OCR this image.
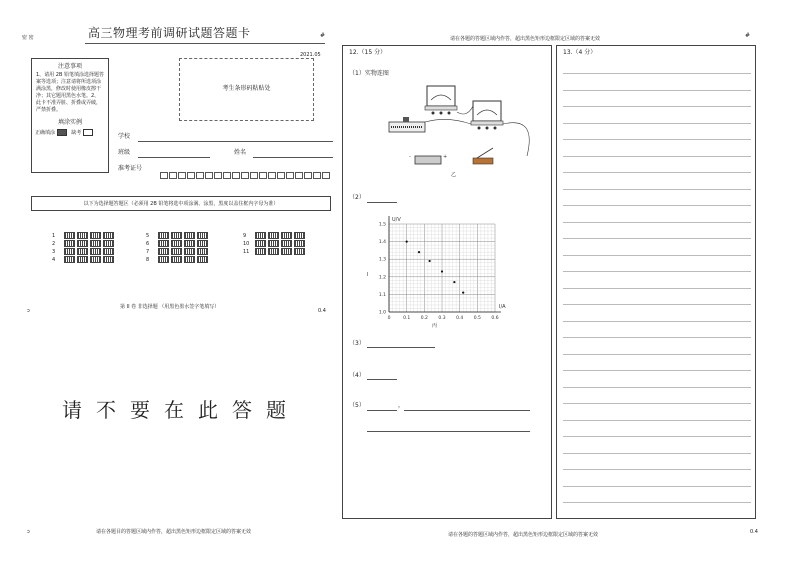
密 密	高三物理考前调研试题答题卡
2021.05
#
注意事项
1、请用 2B 铅笔填涂选择题答案等选项；注意请将所选项涂满涂黑，修改时使用橡皮擦干净；其它题用黑色水笔。2、此卡不准弄脏、折叠或弄破，严禁折叠。
填涂实例
正确填涂	缺考
考生条形码粘贴处
学校
班级	姓名
准考证号
以下为选择题答题区（必须用 2B 铅笔将选中项涂满、涂黑，黑度以盖住框内字母为准）
1
2
3
4
5
6
7
8
9
10
11
第 II 卷 非选择题 （用黑色墨水签字笔填写）
ɔ	0.4
请不要在此答题
ɔ	请在各题目的答题区域内作答，超出黑色矩形边框限定区域的答案无效
请在各题的答题区域内作答，超出黑色矩形边框限定区域的答案无效	#
12.（15 分）
（1）实物连图
-	+
乙
（2）
0	0.1 0.2 0.3 0.4 0.5 0.6
1.0
1.1
1.2
1.3
1.4
1.5
I/A
U/V
I
丙
（3）
（4）
（5）	，
请在各题的答题区域内作答，超出黑色矩形边框限定区域的答案无效
13.（4 分）
0.4
